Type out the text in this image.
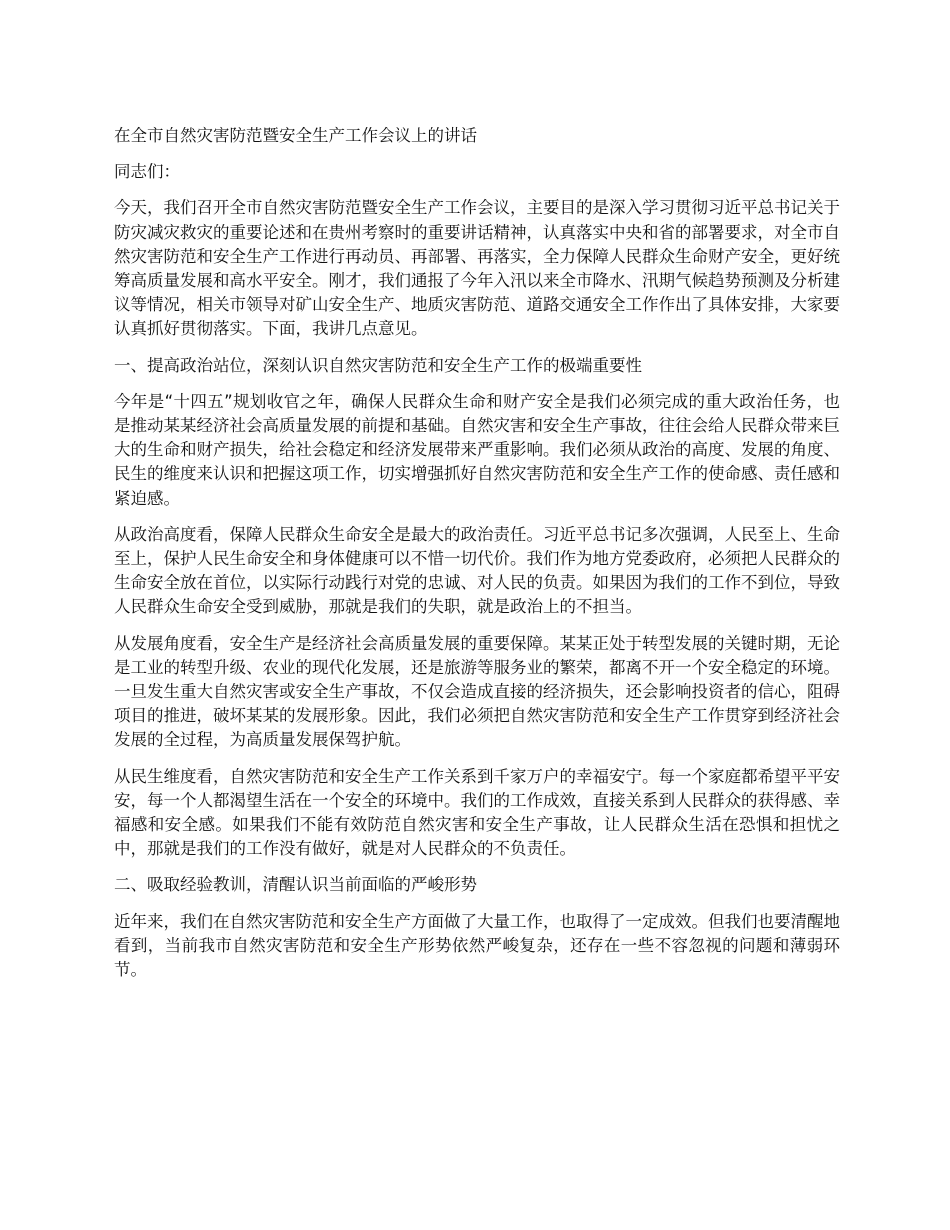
在全市自然灾害防范暨安全生产工作会议上的讲话

同志们：

今天，我们召开全市自然灾害防范暨安全生产工作会议，主要目的是深入学习贯彻习近平总书记关于防灾减灾救灾的重要论述和在贵州考察时的重要讲话精神，认真落实中央和省的部署要求，对全市自然灾害防范和安全生产工作进行再动员、再部署、再落实，全力保障人民群众生命财产安全，更好统筹高质量发展和高水平安全。刚才，我们通报了今年入汛以来全市降水、汛期气候趋势预测及分析建议等情况，相关市领导对矿山安全生产、地质灾害防范、道路交通安全工作作出了具体安排，大家要认真抓好贯彻落实。下面，我讲几点意见。

一、提高政治站位，深刻认识自然灾害防范和安全生产工作的极端重要性

今年是“十四五”规划收官之年，确保人民群众生命和财产安全是我们必须完成的重大政治任务，也是推动某某经济社会高质量发展的前提和基础。自然灾害和安全生产事故，往往会给人民群众带来巨大的生命和财产损失，给社会稳定和经济发展带来严重影响。我们必须从政治的高度、发展的角度、民生的维度来认识和把握这项工作，切实增强抓好自然灾害防范和安全生产工作的使命感、责任感和紧迫感。

从政治高度看，保障人民群众生命安全是最大的政治责任。习近平总书记多次强调，人民至上、生命至上，保护人民生命安全和身体健康可以不惜一切代价。我们作为地方党委政府，必须把人民群众的生命安全放在首位，以实际行动践行对党的忠诚、对人民的负责。如果因为我们的工作不到位，导致人民群众生命安全受到威胁，那就是我们的失职，就是政治上的不担当。

从发展角度看，安全生产是经济社会高质量发展的重要保障。某某正处于转型发展的关键时期，无论是工业的转型升级、农业的现代化发展，还是旅游等服务业的繁荣，都离不开一个安全稳定的环境。一旦发生重大自然灾害或安全生产事故，不仅会造成直接的经济损失，还会影响投资者的信心，阻碍项目的推进，破坏某某的发展形象。因此，我们必须把自然灾害防范和安全生产工作贯穿到经济社会发展的全过程，为高质量发展保驾护航。

从民生维度看，自然灾害防范和安全生产工作关系到千家万户的幸福安宁。每一个家庭都希望平平安安，每一个人都渴望生活在一个安全的环境中。我们的工作成效，直接关系到人民群众的获得感、幸福感和安全感。如果我们不能有效防范自然灾害和安全生产事故，让人民群众生活在恐惧和担忧之中，那就是我们的工作没有做好，就是对人民群众的不负责任。

二、吸取经验教训，清醒认识当前面临的严峻形势

近年来，我们在自然灾害防范和安全生产方面做了大量工作，也取得了一定成效。但我们也要清醒地看到，当前我市自然灾害防范和安全生产形势依然严峻复杂，还存在一些不容忽视的问题和薄弱环节。
